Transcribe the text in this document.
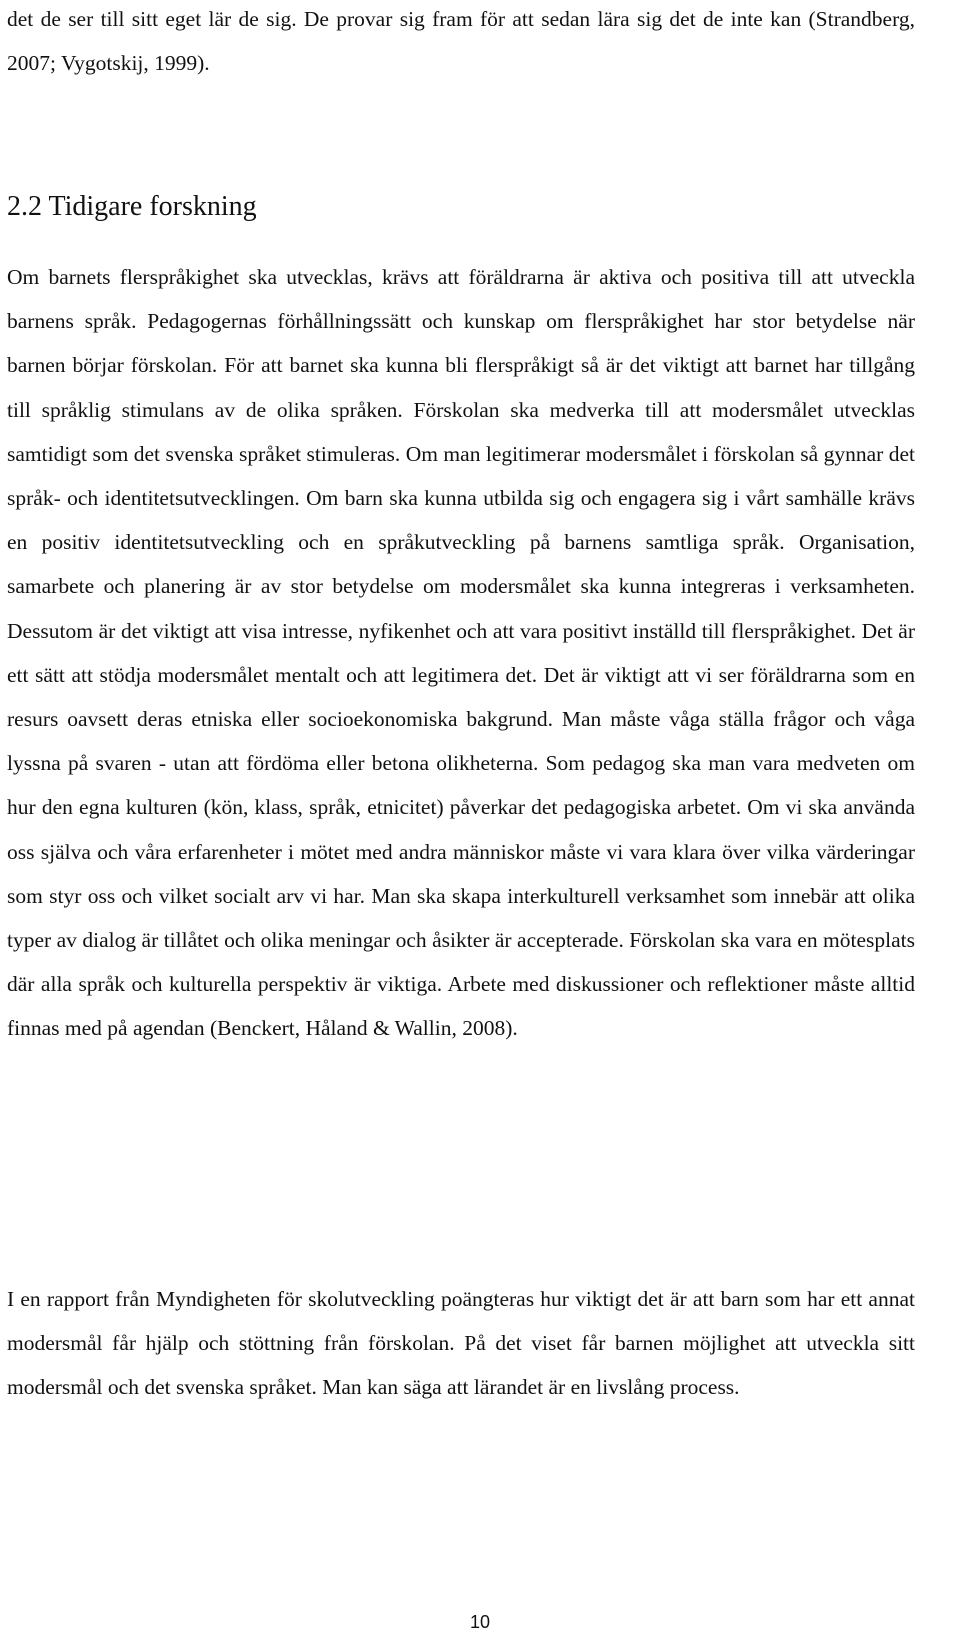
det de ser till sitt eget lär de sig. De provar sig fram för att sedan lära sig det de inte kan (Strandberg, 2007; Vygotskij, 1999).

2.2 Tidigare forskning

Om barnets flerspråkighet ska utvecklas, krävs att föräldrarna är aktiva och positiva till att utveckla barnens språk. Pedagogernas förhållningssätt och kunskap om flerspråkighet har stor betydelse när barnen börjar förskolan. För att barnet ska kunna bli flerspråkigt så är det viktigt att barnet har tillgång till språklig stimulans av de olika språken. Förskolan ska medverka till att modersmålet utvecklas samtidigt som det svenska språket stimuleras. Om man legitimerar modersmålet i förskolan så gynnar det språk- och identitetsutvecklingen. Om barn ska kunna utbilda sig och engagera sig i vårt samhälle krävs en positiv identitetsutveckling och en språkutveckling på barnens samtliga språk. Organisation, samarbete och planering är av stor betydelse om modersmålet ska kunna integreras i verksamheten. Dessutom är det viktigt att visa intresse, nyfikenhet och att vara positivt inställd till flerspråkighet. Det är ett sätt att stödja modersmålet mentalt och att legitimera det. Det är viktigt att vi ser föräldrarna som en resurs oavsett deras etniska eller socioekonomiska bakgrund. Man måste våga ställa frågor och våga lyssna på svaren - utan att fördöma eller betona olikheterna. Som pedagog ska man vara medveten om hur den egna kulturen (kön, klass, språk, etnicitet) påverkar det pedagogiska arbetet. Om vi ska använda oss själva och våra erfarenheter i mötet med andra människor måste vi vara klara över vilka värderingar som styr oss och vilket socialt arv vi har. Man ska skapa interkulturell verksamhet som innebär att olika typer av dialog är tillåtet och olika meningar och åsikter är accepterade. Förskolan ska vara en mötesplats där alla språk och kulturella perspektiv är viktiga. Arbete med diskussioner och reflektioner måste alltid finnas med på agendan (Benckert, Håland & Wallin, 2008).

I en rapport från Myndigheten för skolutveckling poängteras hur viktigt det är att barn som har ett annat modersmål får hjälp och stöttning från förskolan. På det viset får barnen möjlighet att utveckla sitt modersmål och det svenska språket. Man kan säga att lärandet är en livslång process.

10
